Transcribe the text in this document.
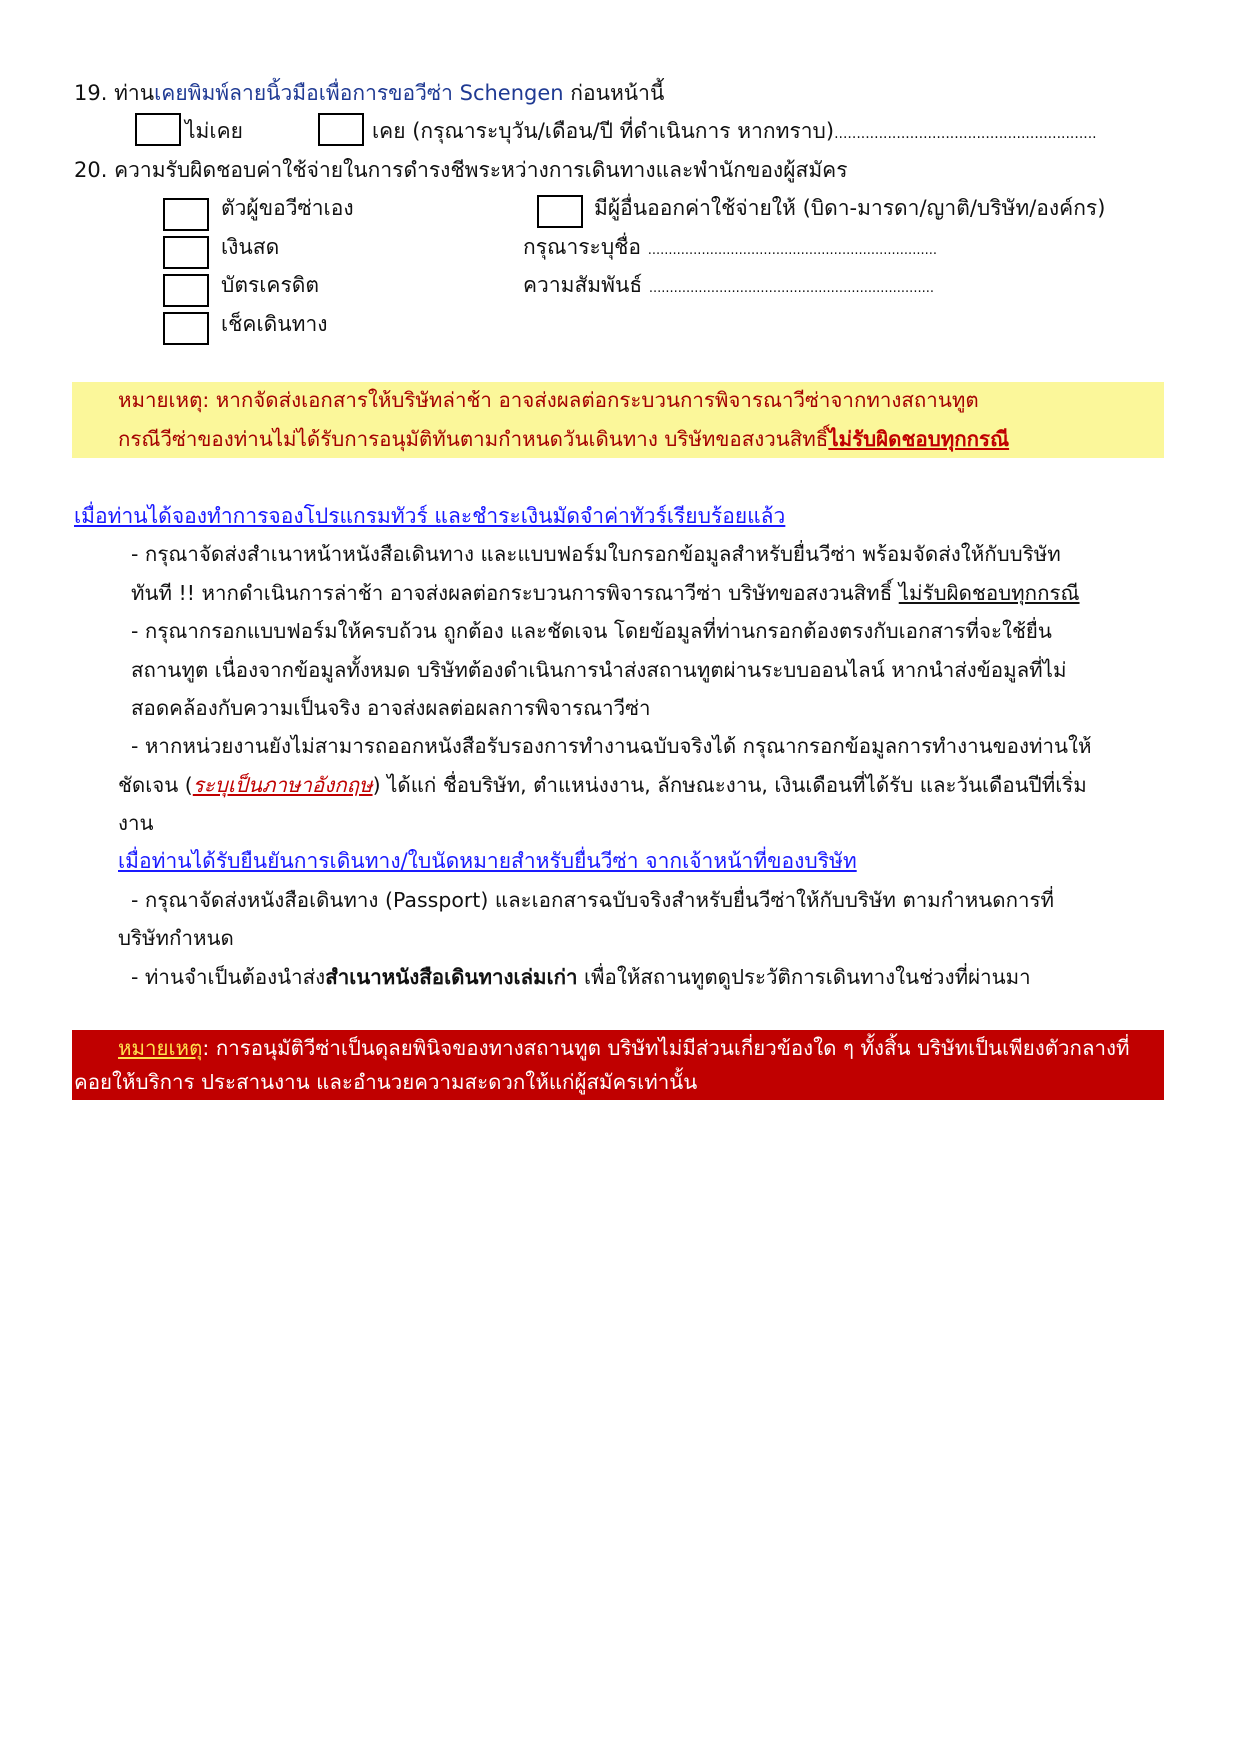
19. ท่านเคยพิมพ์ลายนิ้วมือเพื่อการขอวีซ่า Schengen ก่อนหน้านี้
ไม่เคย	เคย (กรุณาระบุวัน/เดือน/ปี ที่ดำเนินการ หากทราบ)...........................................................
20. ความรับผิดชอบค่าใช้จ่ายในการดำรงชีพระหว่างการเดินทางและพำนักของผู้สมัคร
ตัวผู้ขอวีซ่าเอง
เงินสด
บัตรเครดิต
เช็คเดินทาง
มีผู้อื่นออกค่าใช้จ่ายให้ (บิดา-มารดา/ญาติ/บริษัท/องค์กร)
กรุณาระบุชื่อ ......................................................................
ความสัมพันธ์ .....................................................................
หมายเหตุ: หากจัดส่งเอกสารให้บริษัทล่าช้า อาจส่งผลต่อกระบวนการพิจารณาวีซ่าจากทางสถานทูต
กรณีวีซ่าของท่านไม่ได้รับการอนุมัติทันตามกำหนดวันเดินทาง บริษัทขอสงวนสิทธิ์ไม่รับผิดชอบทุกกรณี
เมื่อท่านได้จองทำการจองโปรแกรมทัวร์ และชำระเงินมัดจำค่าทัวร์เรียบร้อยแล้ว
- กรุณาจัดส่งสำเนาหน้าหนังสือเดินทาง และแบบฟอร์มใบกรอกข้อมูลสำหรับยื่นวีซ่า พร้อมจัดส่งให้กับบริษัท
ทันที !! หากดำเนินการล่าช้า อาจส่งผลต่อกระบวนการพิจารณาวีซ่า บริษัทขอสงวนสิทธิ์ ไม่รับผิดชอบทุกกรณี
- กรุณากรอกแบบฟอร์มให้ครบถ้วน ถูกต้อง และชัดเจน โดยข้อมูลที่ท่านกรอกต้องตรงกับเอกสารที่จะใช้ยื่น
สถานทูต เนื่องจากข้อมูลทั้งหมด บริษัทต้องดำเนินการนำส่งสถานทูตผ่านระบบออนไลน์ หากนำส่งข้อมูลที่ไม่
สอดคล้องกับความเป็นจริง อาจส่งผลต่อผลการพิจารณาวีซ่า
- หากหน่วยงานยังไม่สามารถออกหนังสือรับรองการทำงานฉบับจริงได้ กรุณากรอกข้อมูลการทำงานของท่านให้
ชัดเจน (ระบุเป็นภาษาอังกฤษ) ได้แก่ ชื่อบริษัท, ตำแหน่งงาน, ลักษณะงาน, เงินเดือนที่ได้รับ และวันเดือนปีที่เริ่ม
งาน
เมื่อท่านได้รับยืนยันการเดินทาง/ใบนัดหมายสำหรับยื่นวีซ่า จากเจ้าหน้าที่ของบริษัท
- กรุณาจัดส่งหนังสือเดินทาง (Passport) และเอกสารฉบับจริงสำหรับยื่นวีซ่าให้กับบริษัท ตามกำหนดการที่
บริษัทกำหนด
- ท่านจำเป็นต้องนำส่งสำเนาหนังสือเดินทางเล่มเก่า เพื่อให้สถานทูตดูประวัติการเดินทางในช่วงที่ผ่านมา
หมายเหตุ: การอนุมัติวีซ่าเป็นดุลยพินิจของทางสถานทูต บริษัทไม่มีส่วนเกี่ยวข้องใด ๆ ทั้งสิ้น บริษัทเป็นเพียงตัวกลางที่
คอยให้บริการ ประสานงาน และอำนวยความสะดวกให้แก่ผู้สมัครเท่านั้น
